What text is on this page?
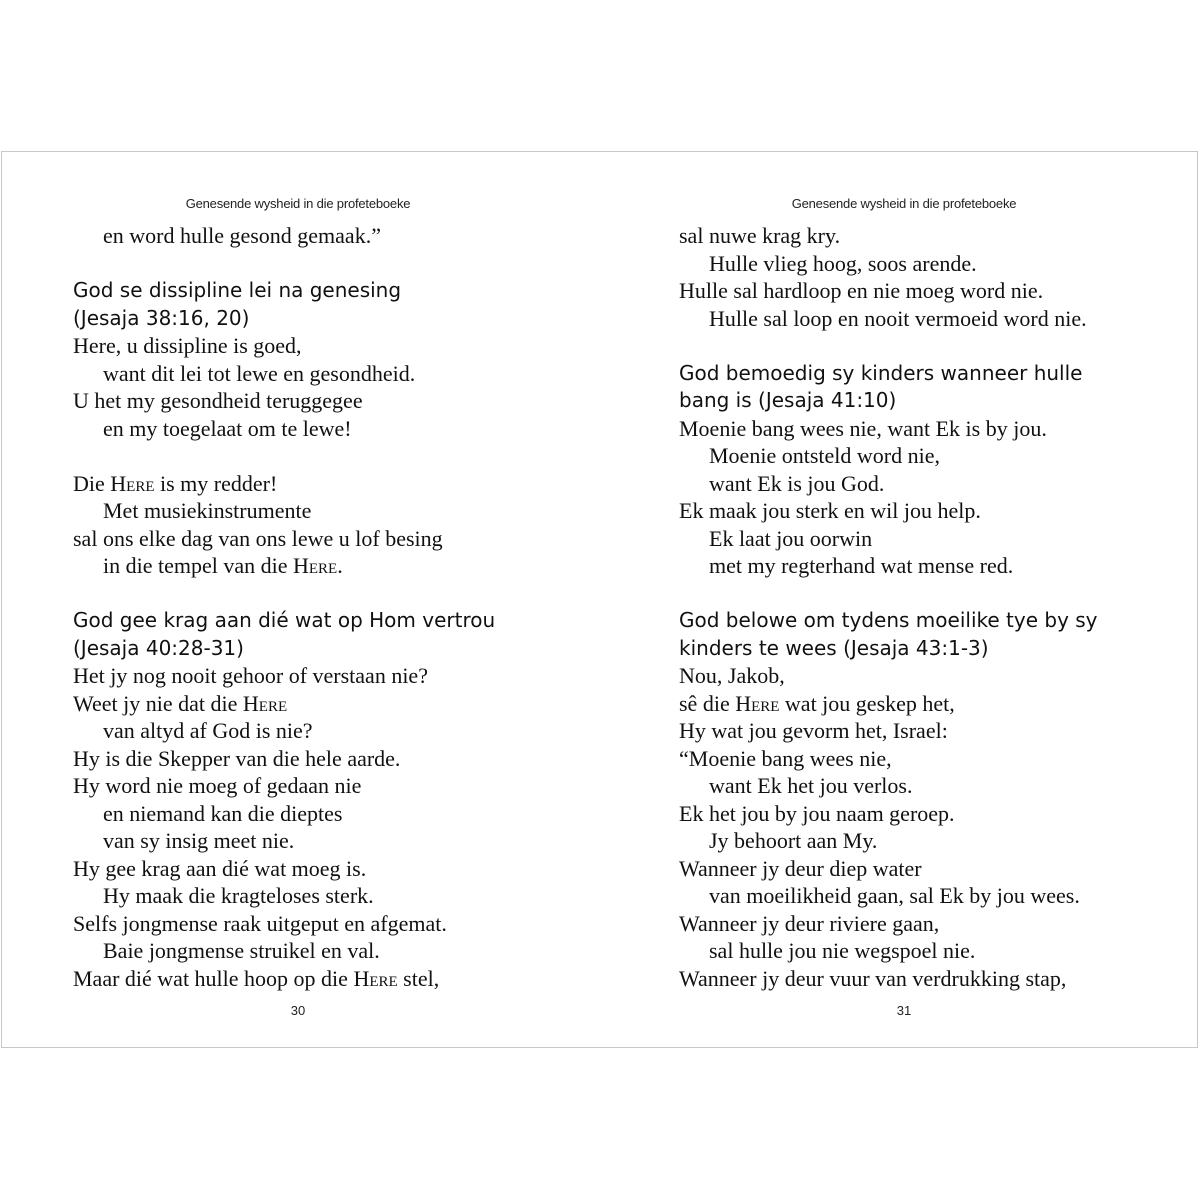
Genesende wysheid in die profeteboeke
en word hulle gesond gemaak.”
God se dissipline lei na genesing
(Jesaja 38:16, 20)
Here, u dissipline is goed,
want dit lei tot lewe en gesondheid.
U het my gesondheid teruggegee
en my toegelaat om te lewe!
Die Here is my redder!
Met musiekinstrumente
sal ons elke dag van ons lewe u lof besing
in die tempel van die Here.
God gee krag aan dié wat op Hom vertrou
(Jesaja 40:28-31)
Het jy nog nooit gehoor of verstaan nie?
Weet jy nie dat die Here
van altyd af God is nie?
Hy is die Skepper van die hele aarde.
Hy word nie moeg of gedaan nie
en niemand kan die dieptes
van sy insig meet nie.
Hy gee krag aan dié wat moeg is.
Hy maak die kragteloses sterk.
Selfs jongmense raak uitgeput en afgemat.
Baie jongmense struikel en val.
Maar dié wat hulle hoop op die Here stel,
30
Genesende wysheid in die profeteboeke
sal nuwe krag kry.
Hulle vlieg hoog, soos arende.
Hulle sal hardloop en nie moeg word nie.
Hulle sal loop en nooit vermoeid word nie.
God bemoedig sy kinders wanneer hulle
bang is (Jesaja 41:10)
Moenie bang wees nie, want Ek is by jou.
Moenie ontsteld word nie,
want Ek is jou God.
Ek maak jou sterk en wil jou help.
Ek laat jou oorwin
met my regterhand wat mense red.
God belowe om tydens moeilike tye by sy
kinders te wees (Jesaja 43:1-3)
Nou, Jakob,
sê die Here wat jou geskep het,
Hy wat jou gevorm het, Israel:
“Moenie bang wees nie,
want Ek het jou verlos.
Ek het jou by jou naam geroep.
Jy behoort aan My.
Wanneer jy deur diep water
van moeilikheid gaan, sal Ek by jou wees.
Wanneer jy deur riviere gaan,
sal hulle jou nie wegspoel nie.
Wanneer jy deur vuur van verdrukking stap,
31
